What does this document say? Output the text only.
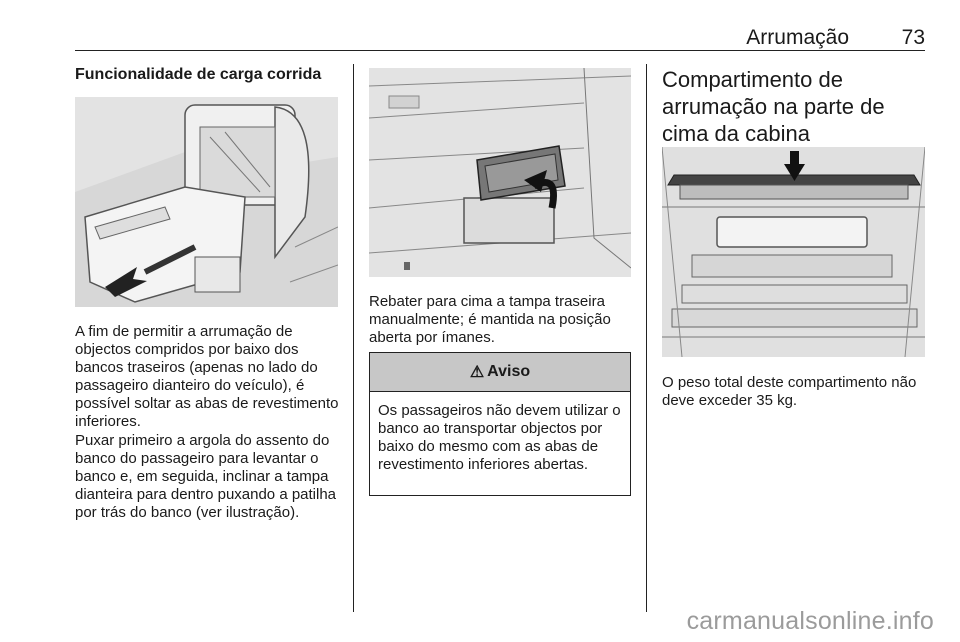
Arrumação	73
Funcionalidade de carga corrida

A fim de permitir a arrumação de objectos compridos por baixo dos bancos traseiros (apenas no lado do passageiro dianteiro do veículo), é possível soltar as abas de revestimento inferiores.

Puxar primeiro a argola do assento do banco do passageiro para levantar o banco e, em seguida, inclinar a tampa dianteira para dentro puxando a patilha por trás do banco (ver ilustração).

Rebater para cima a tampa traseira manualmente; é mantida na posição aberta por ímanes.

⚠ Aviso
Os passageiros não devem utilizar o banco ao transportar objectos por baixo do mesmo com as abas de revestimento inferiores abertas.
Compartimento de arrumação na parte de cima da cabina

O peso total deste compartimento não deve exceder 35 kg.

carmanualsonline.info
